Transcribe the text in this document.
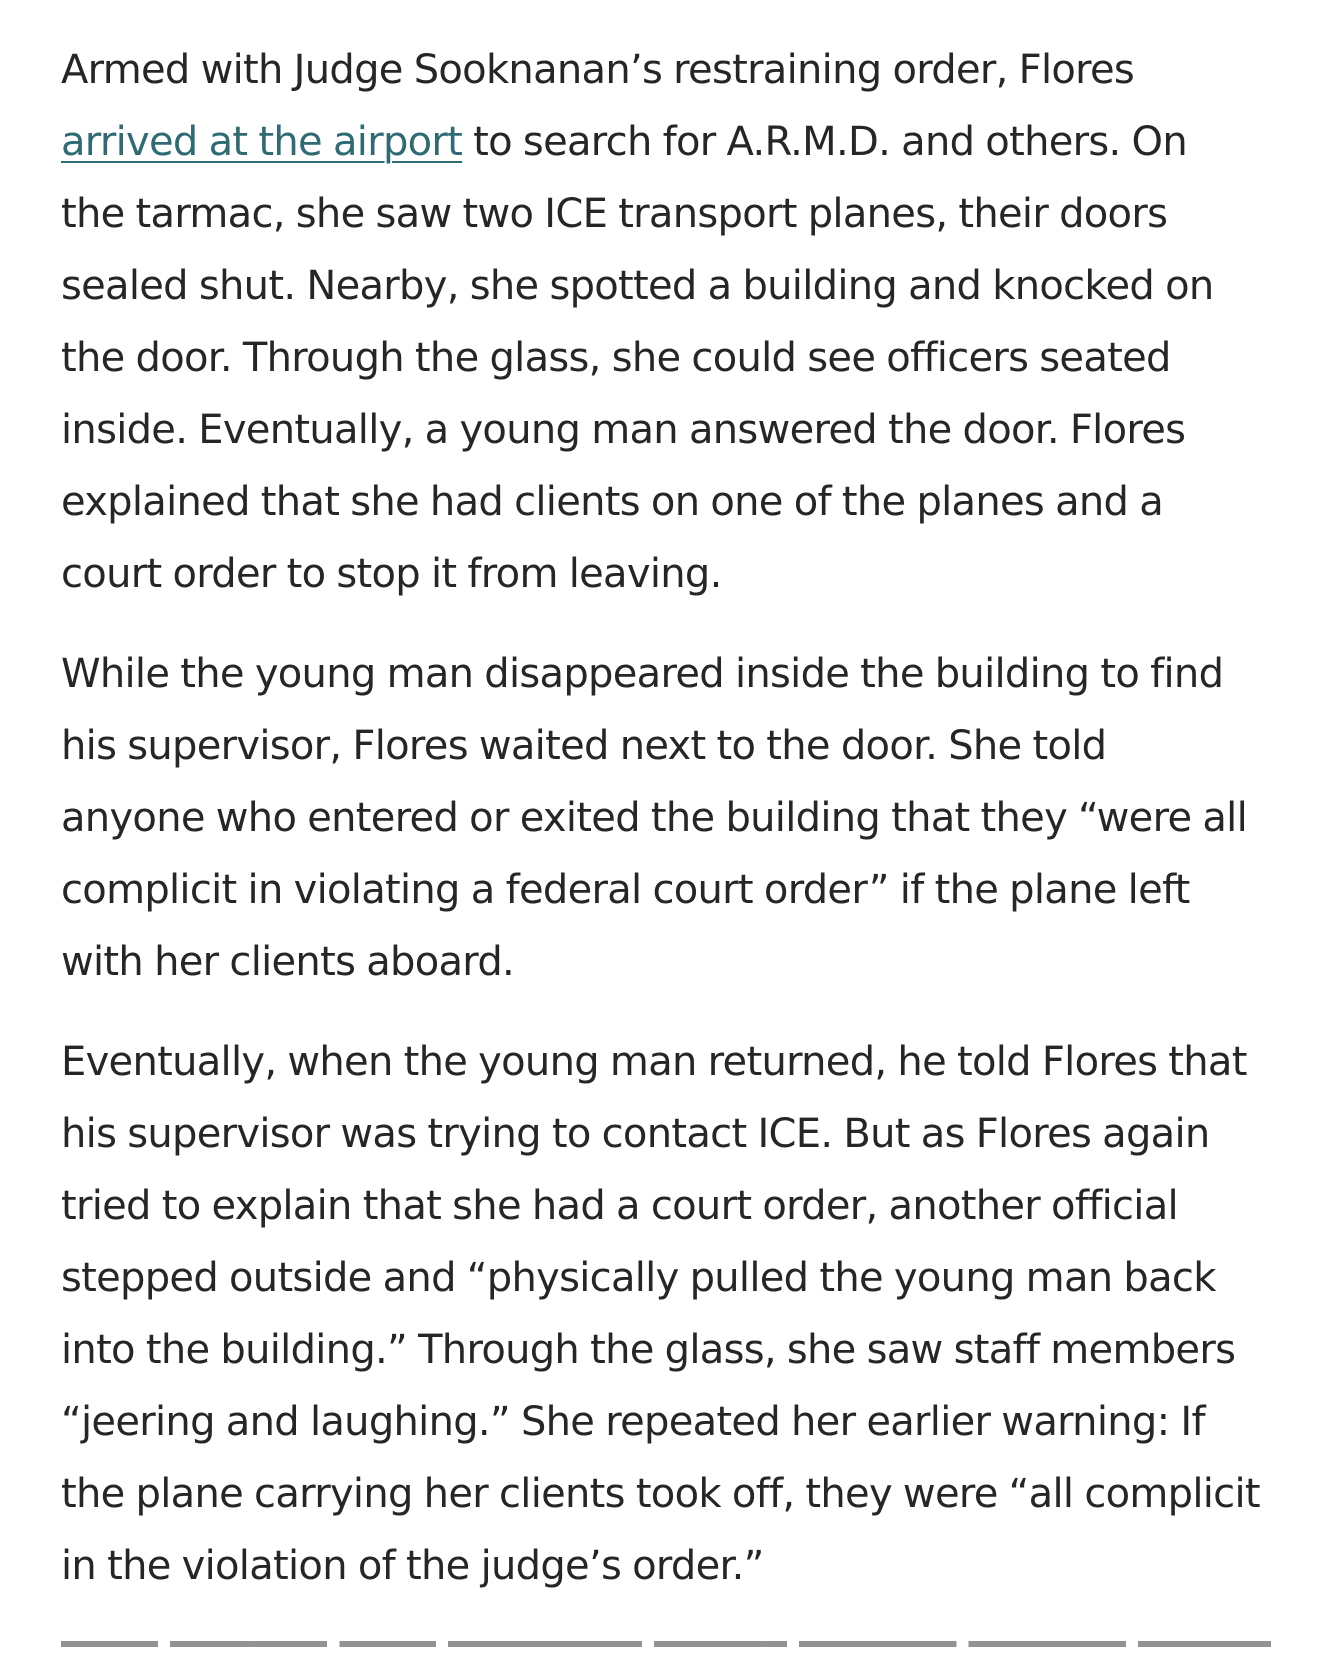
Armed with Judge Sooknanan’s restraining order, Flores

arrived at the airport to search for A.R.M.D. and others. On

the tarmac, she saw two ICE transport planes, their doors

sealed shut. Nearby, she spotted a building and knocked on

the door. Through the glass, she could see officers seated

inside. Eventually, a young man answered the door. Flores

explained that she had clients on one of the planes and a

court order to stop it from leaving.

While the young man disappeared inside the building to find

his supervisor, Flores waited next to the door. She told

anyone who entered or exited the building that they “were all

complicit in violating a federal court order” if the plane left

with her clients aboard.

Eventually, when the young man returned, he told Flores that

his supervisor was trying to contact ICE. But as Flores again

tried to explain that she had a court order, another official

stepped outside and “physically pulled the young man back

into the building.” Through the glass, she saw staff members

“jeering and laughing.” She repeated her earlier warning: If

the plane carrying her clients took off, they were “all complicit

in the violation of the judge’s order.”
